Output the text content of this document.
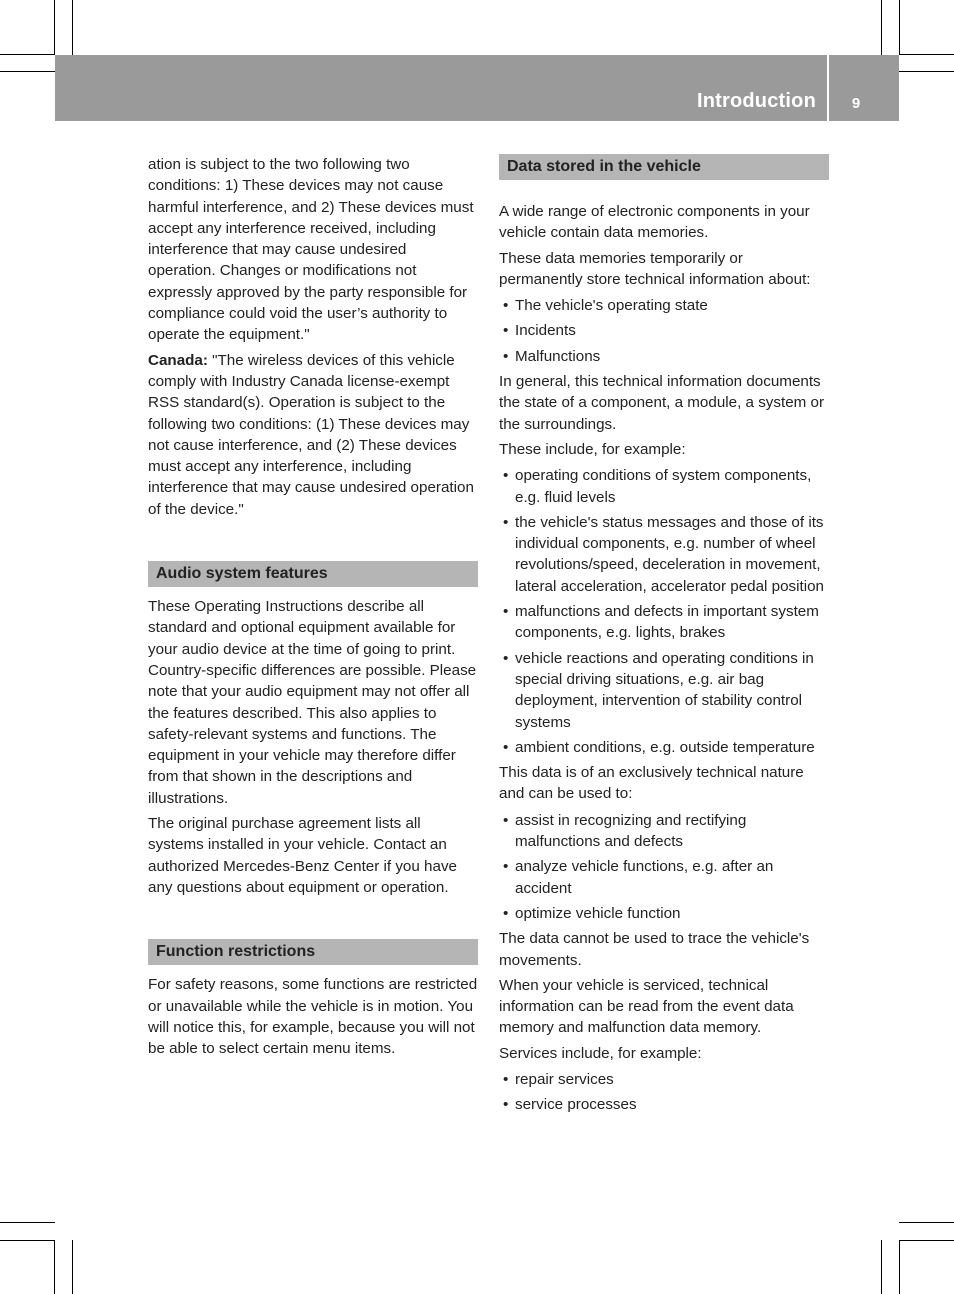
Introduction	9

ation is subject to the two following two conditions: 1) These devices may not cause harmful interference, and 2) These devices must accept any interference received, including interference that may cause undesired operation. Changes or modifications not expressly approved by the party responsible for compliance could void the user’s authority to operate the equipment."

Canada: "The wireless devices of this vehicle comply with Industry Canada license-exempt RSS standard(s). Operation is subject to the following two conditions: (1) These devices may not cause interference, and (2) These devices must accept any interference, including interference that may cause undesired operation of the device."

Audio system features

These Operating Instructions describe all standard and optional equipment available for your audio device at the time of going to print. Country-specific differences are possible. Please note that your audio equipment may not offer all the features described. This also applies to safety-relevant systems and functions. The equipment in your vehicle may therefore differ from that shown in the descriptions and illustrations.

The original purchase agreement lists all systems installed in your vehicle. Contact an authorized Mercedes-Benz Center if you have any questions about equipment or operation.

Function restrictions

For safety reasons, some functions are restricted or unavailable while the vehicle is in motion. You will notice this, for example, because you will not be able to select certain menu items.

Data stored in the vehicle

A wide range of electronic components in your vehicle contain data memories.

These data memories temporarily or permanently store technical information about:

• The vehicle's operating state
• Incidents
• Malfunctions

In general, this technical information documents the state of a component, a module, a system or the surroundings.

These include, for example:

• operating conditions of system components, e.g. fluid levels
• the vehicle's status messages and those of its individual components, e.g. number of wheel revolutions/speed, deceleration in movement, lateral acceleration, accelerator pedal position
• malfunctions and defects in important system components, e.g. lights, brakes
• vehicle reactions and operating conditions in special driving situations, e.g. air bag deployment, intervention of stability control systems
• ambient conditions, e.g. outside temperature

This data is of an exclusively technical nature and can be used to:

• assist in recognizing and rectifying malfunctions and defects
• analyze vehicle functions, e.g. after an accident
• optimize vehicle function

The data cannot be used to trace the vehicle's movements.

When your vehicle is serviced, technical information can be read from the event data memory and malfunction data memory.

Services include, for example:

• repair services
• service processes
